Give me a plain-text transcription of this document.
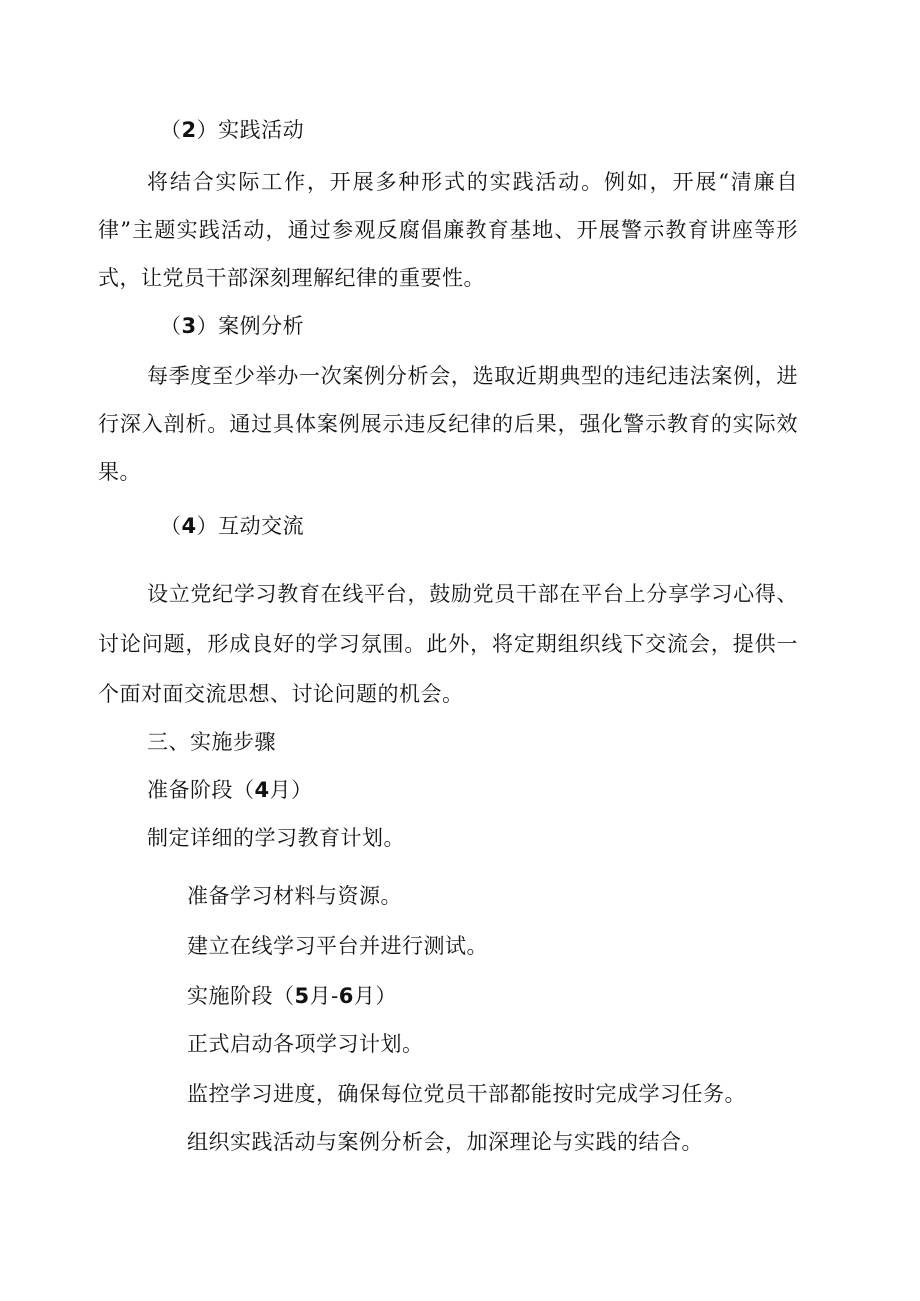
（2）实践活动
将结合实际工作，开展多种形式的实践活动。例如，开展“清廉自
律”主题实践活动，通过参观反腐倡廉教育基地、开展警示教育讲座等形
式，让党员干部深刻理解纪律的重要性。
（3）案例分析
每季度至少举办一次案例分析会，选取近期典型的违纪违法案例，进
行深入剖析。通过具体案例展示违反纪律的后果，强化警示教育的实际效
果。
（4）互动交流
设立党纪学习教育在线平台，鼓励党员干部在平台上分享学习心得、
讨论问题，形成良好的学习氛围。此外，将定期组织线下交流会，提供一
个面对面交流思想、讨论问题的机会。
三、实施步骤
准备阶段（4月）
制定详细的学习教育计划。
准备学习材料与资源。
建立在线学习平台并进行测试。
实施阶段（5月-6月）
正式启动各项学习计划。
监控学习进度，确保每位党员干部都能按时完成学习任务。
组织实践活动与案例分析会，加深理论与实践的结合。
